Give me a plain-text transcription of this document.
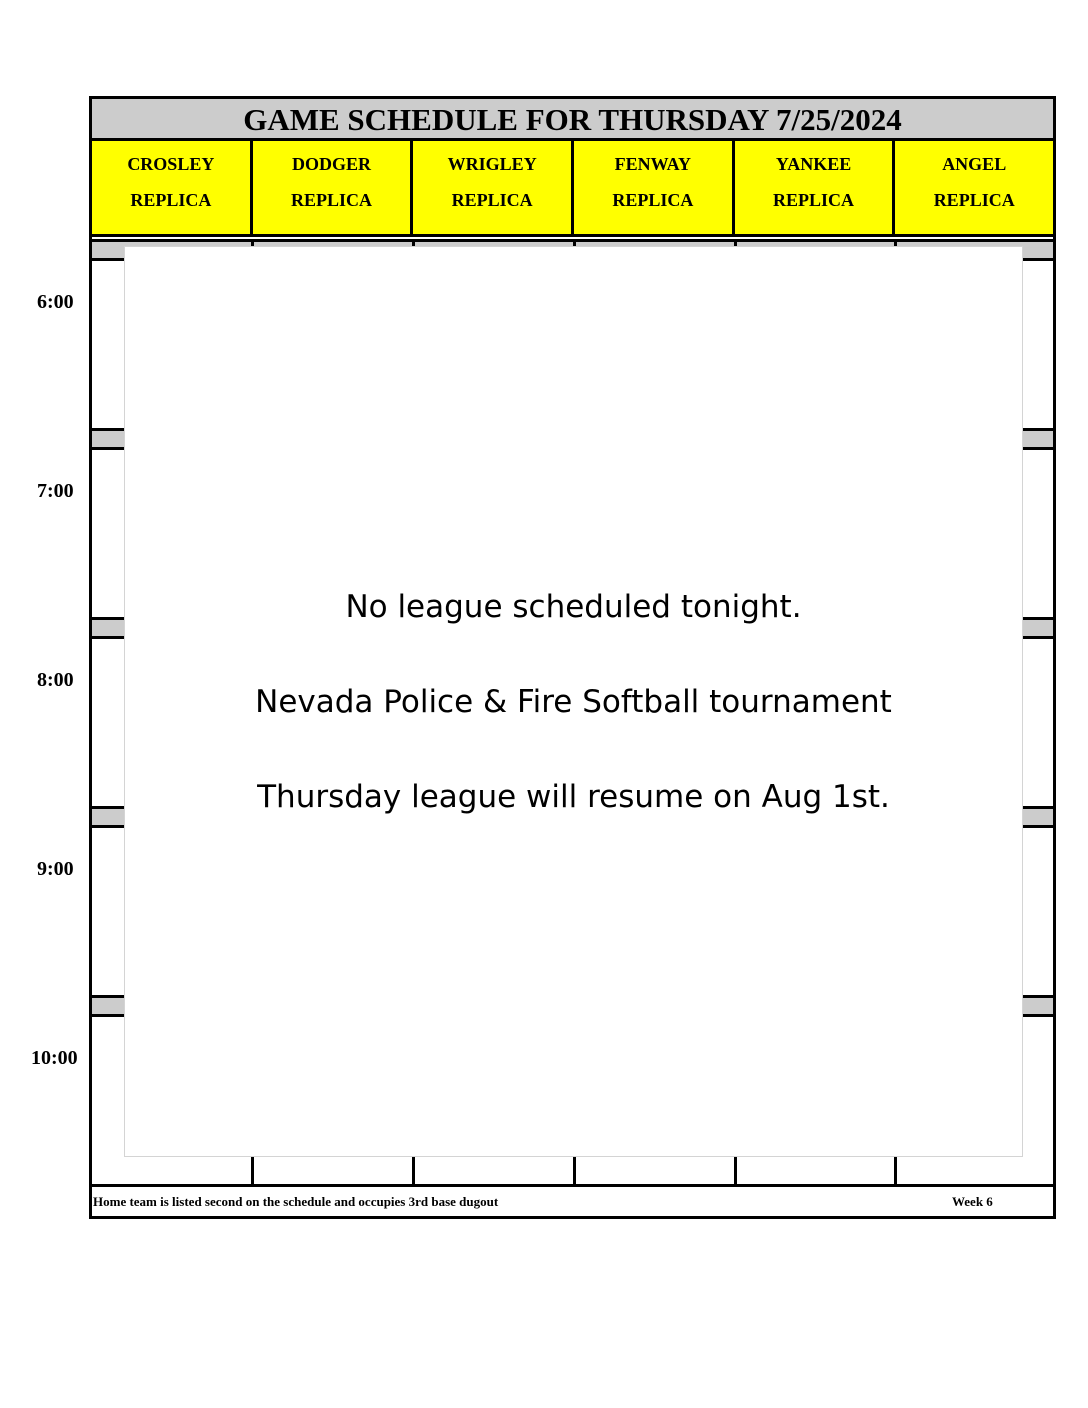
GAME SCHEDULE FOR THURSDAY 7/25/2024
CROSLEY
REPLICA
DODGER
REPLICA
WRIGLEY
REPLICA
FENWAY
REPLICA
YANKEE
REPLICA
ANGEL
REPLICA
Home team is listed second on the schedule and occupies 3rd base dugout	Week 6
6:00
7:00
8:00
9:00
10:00

No league scheduled tonight.

Nevada Police & Fire Softball tournament

Thursday league will resume on Aug 1st.
